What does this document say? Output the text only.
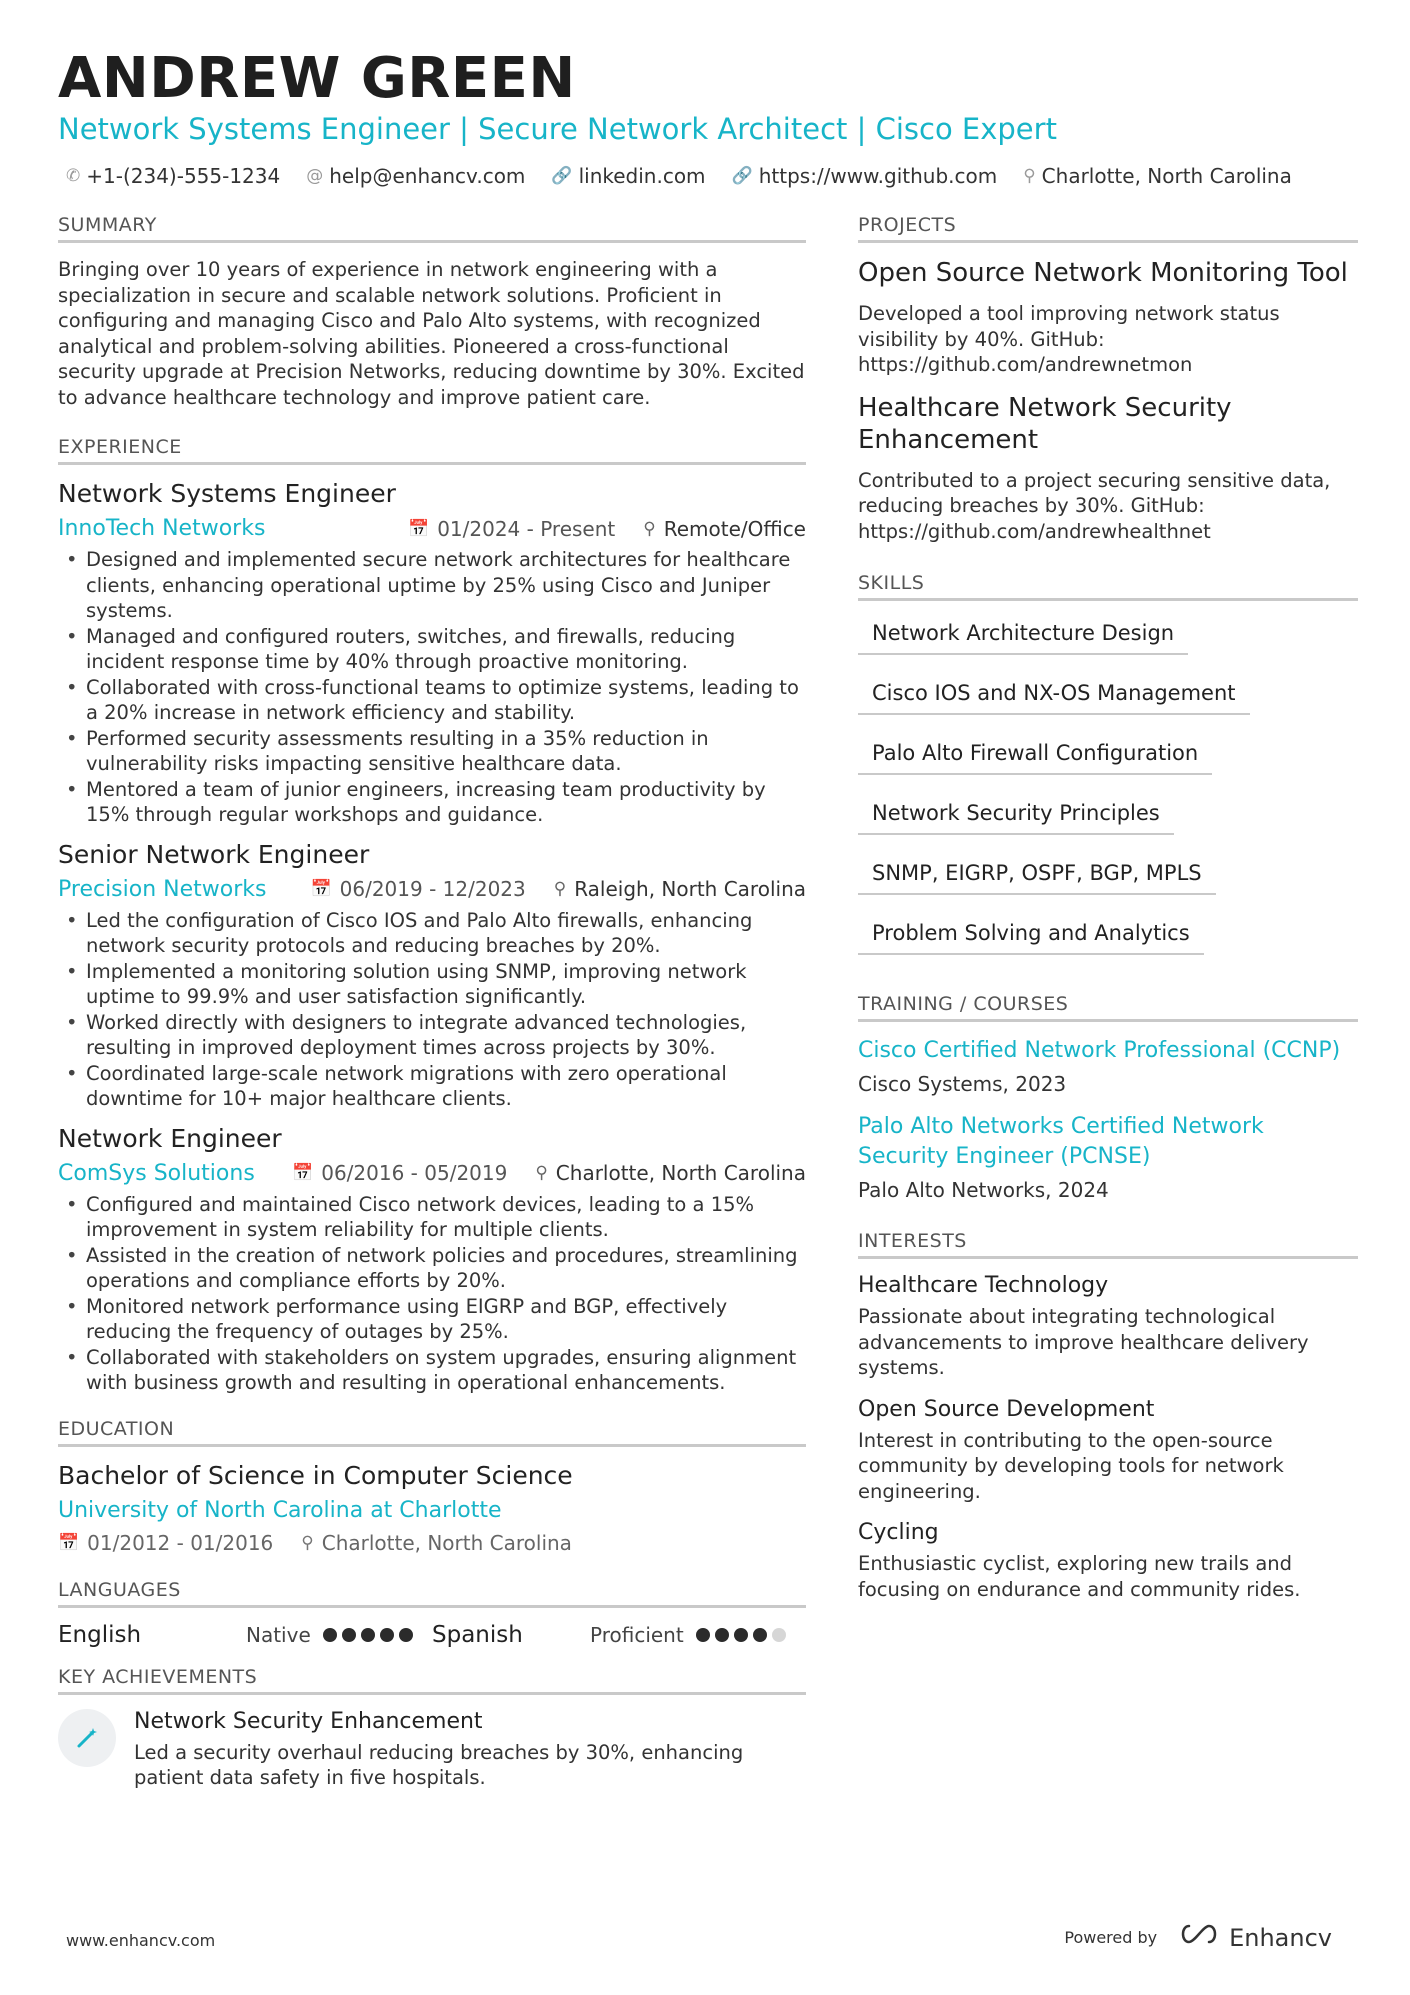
ANDREW GREEN
Network Systems Engineer | Secure Network Architect | Cisco Expert
✆ +1-(234)-555-1234 @ help@enhancv.com 🔗 linkedin.com 🔗 https://www.github.com ⚲ Charlotte, North Carolina
SUMMARY
Bringing over 10 years of experience in network engineering with a specialization in secure and scalable network solutions. Proficient in configuring and managing Cisco and Palo Alto systems, with recognized analytical and problem-solving abilities. Pioneered a cross-functional security upgrade at Precision Networks, reducing downtime by 30%. Excited to advance healthcare technology and improve patient care.
EXPERIENCE
Network Systems Engineer
InnoTech Networks	📅 01/2024 - Present ⚲ Remote/Office
• Designed and implemented secure network architectures for healthcare clients, enhancing operational uptime by 25% using Cisco and Juniper systems.
• Managed and configured routers, switches, and firewalls, reducing incident response time by 40% through proactive monitoring.
• Collaborated with cross-functional teams to optimize systems, leading to a 20% increase in network efficiency and stability.
• Performed security assessments resulting in a 35% reduction in vulnerability risks impacting sensitive healthcare data.
• Mentored a team of junior engineers, increasing team productivity by 15% through regular workshops and guidance.
Senior Network Engineer
Precision Networks	📅 06/2019 - 12/2023 ⚲ Raleigh, North Carolina
• Led the configuration of Cisco IOS and Palo Alto firewalls, enhancing network security protocols and reducing breaches by 20%.
• Implemented a monitoring solution using SNMP, improving network uptime to 99.9% and user satisfaction significantly.
• Worked directly with designers to integrate advanced technologies, resulting in improved deployment times across projects by 30%.
• Coordinated large-scale network migrations with zero operational downtime for 10+ major healthcare clients.
Network Engineer
ComSys Solutions 📅 06/2016 - 05/2019 ⚲ Charlotte, North Carolina
• Configured and maintained Cisco network devices, leading to a 15% improvement in system reliability for multiple clients.
• Assisted in the creation of network policies and procedures, streamlining operations and compliance efforts by 20%.
• Monitored network performance using EIGRP and BGP, effectively reducing the frequency of outages by 25%.
• Collaborated with stakeholders on system upgrades, ensuring alignment with business growth and resulting in operational enhancements.
EDUCATION
Bachelor of Science in Computer Science
University of North Carolina at Charlotte
📅 01/2012 - 01/2016 ⚲ Charlotte, North Carolina
LANGUAGES
English	Native	Spanish	Proficient
KEY ACHIEVEMENTS
Network Security Enhancement
Led a security overhaul reducing breaches by 30%, enhancing patient data safety in five hospitals.
PROJECTS
Open Source Network Monitoring Tool
Developed a tool improving network status visibility by 40%. GitHub: https://github.com/andrewnetmon
Healthcare Network Security Enhancement
Contributed to a project securing sensitive data, reducing breaches by 30%. GitHub: https://github.com/andrewhealthnet
SKILLS
Network Architecture Design
Cisco IOS and NX-OS Management
Palo Alto Firewall Configuration
Network Security Principles
SNMP, EIGRP, OSPF, BGP, MPLS
Problem Solving and Analytics
TRAINING / COURSES
Cisco Certified Network Professional (CCNP)
Cisco Systems, 2023
Palo Alto Networks Certified Network Security Engineer (PCNSE)
Palo Alto Networks, 2024
INTERESTS
Healthcare Technology
Passionate about integrating technological advancements to improve healthcare delivery systems.
Open Source Development
Interest in contributing to the open-source community by developing tools for network engineering.
Cycling
Enthusiastic cyclist, exploring new trails and focusing on endurance and community rides.
www.enhancv.com	Powered by	Enhancv
